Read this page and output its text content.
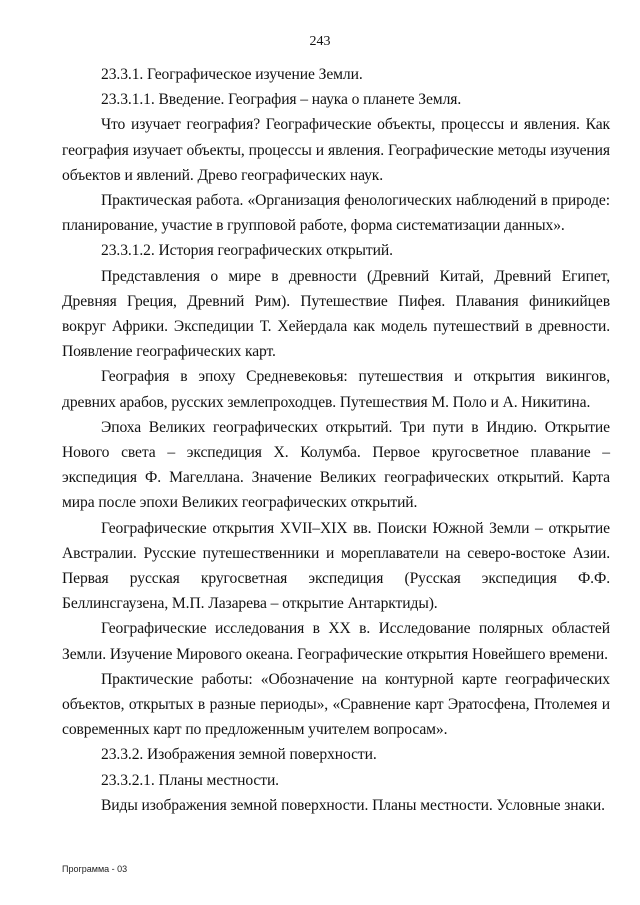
243

23.3.1. Географическое изучение Земли.

23.3.1.1. Введение. География – наука о планете Земля.

Что изучает география? Географические объекты, процессы и явления. Как география изучает объекты, процессы и явления. Географические методы изучения объектов и явлений. Древо географических наук.

Практическая работа. «Организация фенологических наблюдений в природе: планирование, участие в групповой работе, форма систематизации данных».

23.3.1.2. История географических открытий.

Представления о мире в древности (Древний Китай, Древний Египет, Древняя Греция, Древний Рим). Путешествие Пифея. Плавания финикийцев вокруг Африки. Экспедиции Т. Хейердала как модель путешествий в древности. Появление географических карт.

География в эпоху Средневековья: путешествия и открытия викингов, древних арабов, русских землепроходцев. Путешествия М. Поло и А. Никитина.

Эпоха Великих географических открытий. Три пути в Индию. Открытие Нового света – экспедиция Х. Колумба. Первое кругосветное плавание – экспедиция Ф. Магеллана. Значение Великих географических открытий. Карта мира после эпохи Великих географических открытий.

Географические открытия XVII–XIX вв. Поиски Южной Земли – открытие Австралии. Русские путешественники и мореплаватели на северо-востоке Азии. Первая русская кругосветная экспедиция (Русская экспедиция Ф.Ф. Беллинсгаузена, М.П. Лазарева – открытие Антарктиды).

Географические исследования в XX в. Исследование полярных областей Земли. Изучение Мирового океана. Географические открытия Новейшего времени.

Практические работы: «Обозначение на контурной карте географических объектов, открытых в разные периоды», «Сравнение карт Эратосфена, Птолемея и современных карт по предложенным учителем вопросам».

23.3.2. Изображения земной поверхности.

23.3.2.1. Планы местности.

Виды изображения земной поверхности. Планы местности. Условные знаки.

Программа - 03
